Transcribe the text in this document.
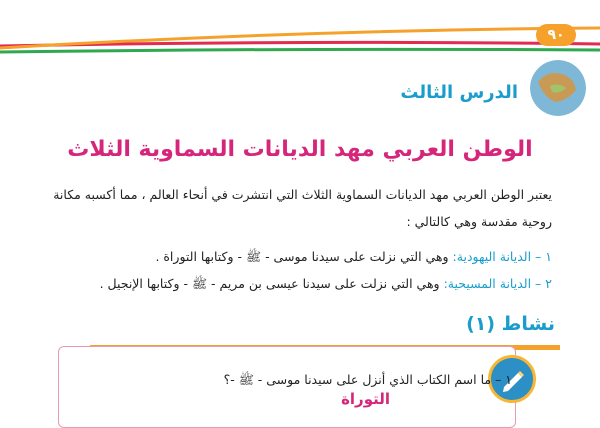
٩٠
الدرس الثالث
الوطن العربي مهد الديانات السماوية الثلاث
يعتبر الوطن العربي مهد الديانات السماوية الثلاث التي انتشرت في أنحاء العالم ، مما أكسبه مكانة
روحية مقدسة وهي كالتالي :
١ – الديانة اليهودية: وهي التي نزلت على سيدنا موسى - ﷺ - وكتابها التوراة .
٢ – الديانة المسيحية: وهي التي نزلت على سيدنا عيسى بن مريم - ﷺ - وكتابها الإنجيل .
نشاط (١)
١ – ما اسم الكتاب الذي أنزل على سيدنا موسى - ﷺ -؟
التوراة
